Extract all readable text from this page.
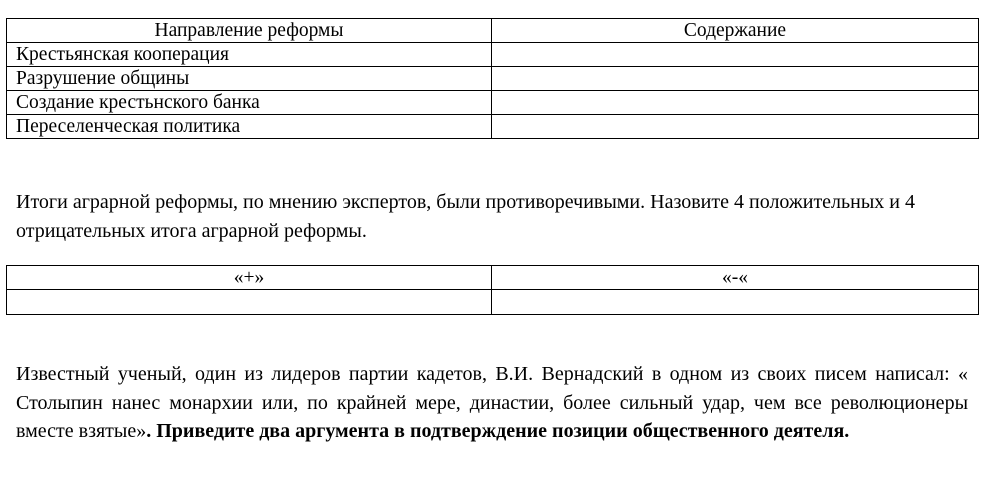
Направление реформы	Содержание
Крестьянская кооперация	
Разрушение общины	
Создание крестьнского банка	
Переселенческая политика	

Итоги аграрной реформы, по мнению экспертов, были противоречивыми. Назовите 4 положительных и 4 отрицательных итога аграрной реформы.

«+»	«-«

Известный ученый, один из лидеров партии кадетов, В.И. Вернадский в одном из своих писем написал: « Столыпин нанес монархии или, по крайней мере, династии, более сильный удар, чем все революционеры вместе взятые». Приведите два аргумента в подтверждение позиции общественного деятеля.
